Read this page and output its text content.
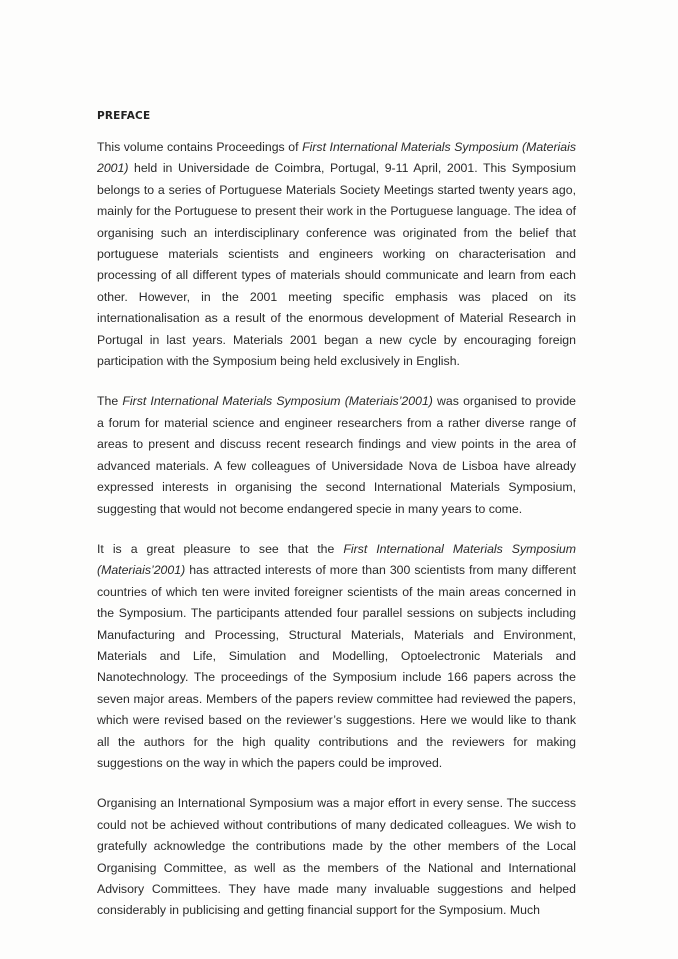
PREFACE

This volume contains Proceedings of First International Materials Symposium (Materiais 2001) held in Universidade de Coimbra, Portugal, 9-11 April, 2001. This Symposium belongs to a series of Portuguese Materials Society Meetings started twenty years ago, mainly for the Portuguese to present their work in the Portuguese language. The idea of organising such an interdisciplinary conference was originated from the belief that portuguese materials scientists and engineers working on characterisation and processing of all different types of materials should communicate and learn from each other. However, in the 2001 meeting specific emphasis was placed on its internationalisation as a result of the enormous development of Material Research in Portugal in last years. Materials 2001 began a new cycle by encouraging foreign participation with the Symposium being held exclusively in English.

The First International Materials Symposium (Materiais’2001) was organised to provide a forum for material science and engineer researchers from a rather diverse range of areas to present and discuss recent research findings and view points in the area of advanced materials. A few colleagues of Universidade Nova de Lisboa have already expressed interests in organising the second International Materials Symposium, suggesting that would not become endangered specie in many years to come.

It is a great pleasure to see that the First International Materials Symposium (Materiais’2001) has attracted interests of more than 300 scientists from many different countries of which ten were invited foreigner scientists of the main areas concerned in the Symposium. The participants attended four parallel sessions on subjects including Manufacturing and Processing, Structural Materials, Materials and Environment, Materials and Life, Simulation and Modelling, Optoelectronic Materials and Nanotechnology. The proceedings of the Symposium include 166 papers across the seven major areas. Members of the papers review committee had reviewed the papers, which were revised based on the reviewer’s suggestions. Here we would like to thank all the authors for the high quality contributions and the reviewers for making suggestions on the way in which the papers could be improved.

Organising an International Symposium was a major effort in every sense. The success could not be achieved without contributions of many dedicated colleagues. We wish to gratefully acknowledge the contributions made by the other members of the Local Organising Committee, as well as the members of the National and International Advisory Committees. They have made many invaluable suggestions and helped considerably in publicising and getting financial support for the Symposium. Much
